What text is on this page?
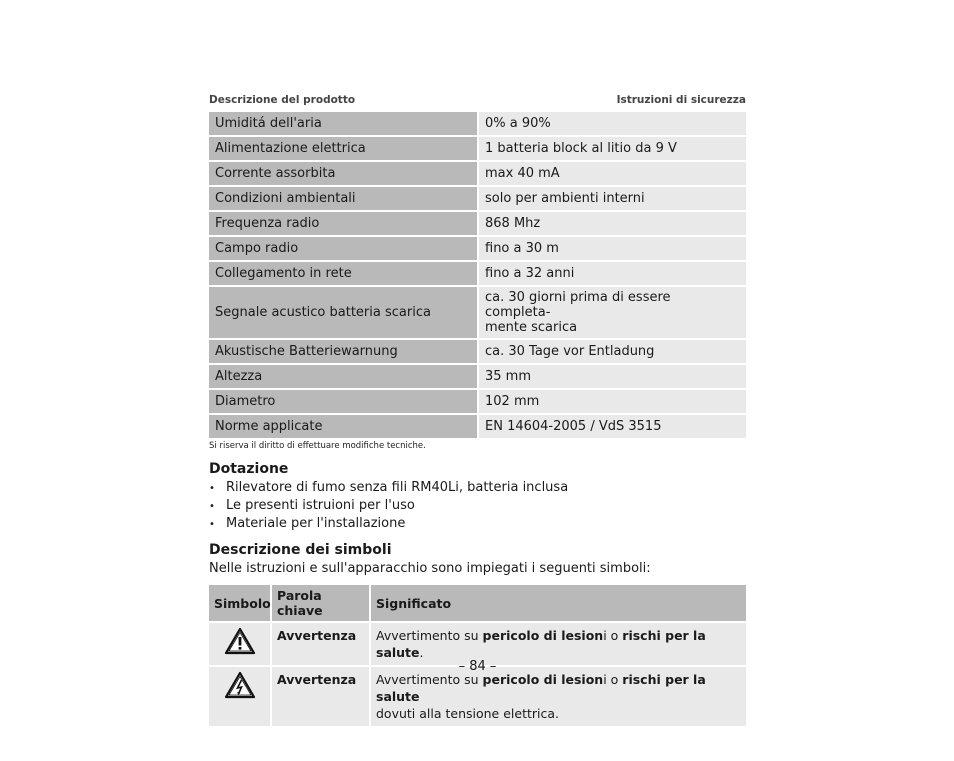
Descrizione del prodotto	Istruzioni di sicurezza
Umiditá dell'aria	0% a 90%
Alimentazione elettrica	1 batteria block al litio da 9 V
Corrente assorbita	max 40 mA
Condizioni ambientali	solo per ambienti interni
Frequenza radio	868 Mhz
Campo radio	fino a 30 m
Collegamento in rete	fino a 32 anni
Segnale acustico batteria scarica	ca. 30 giorni prima di essere completa-
mente scarica
Akustische Batteriewarnung	ca. 30 Tage vor Entladung
Altezza	35 mm
Diametro	102 mm
Norme applicate	EN 14604-2005 / VdS 3515
Si riserva il diritto di effettuare modifiche tecniche.
Dotazione
• Rilevatore di fumo senza fili RM40Li, batteria inclusa
• Le presenti istruioni per l'uso
• Materiale per l'installazione
Descrizione dei simboli

Nelle istruzioni e sull'apparacchio sono impiegati i seguenti simboli:

Simbolo	Parola chiave	Significato
	Avvertenza	Avvertimento su pericolo di lesioni o rischi per la salute.
	Avvertenza	Avvertimento su pericolo di lesioni o rischi per la salute
dovuti alla tensione elettrica.
– 84 –
